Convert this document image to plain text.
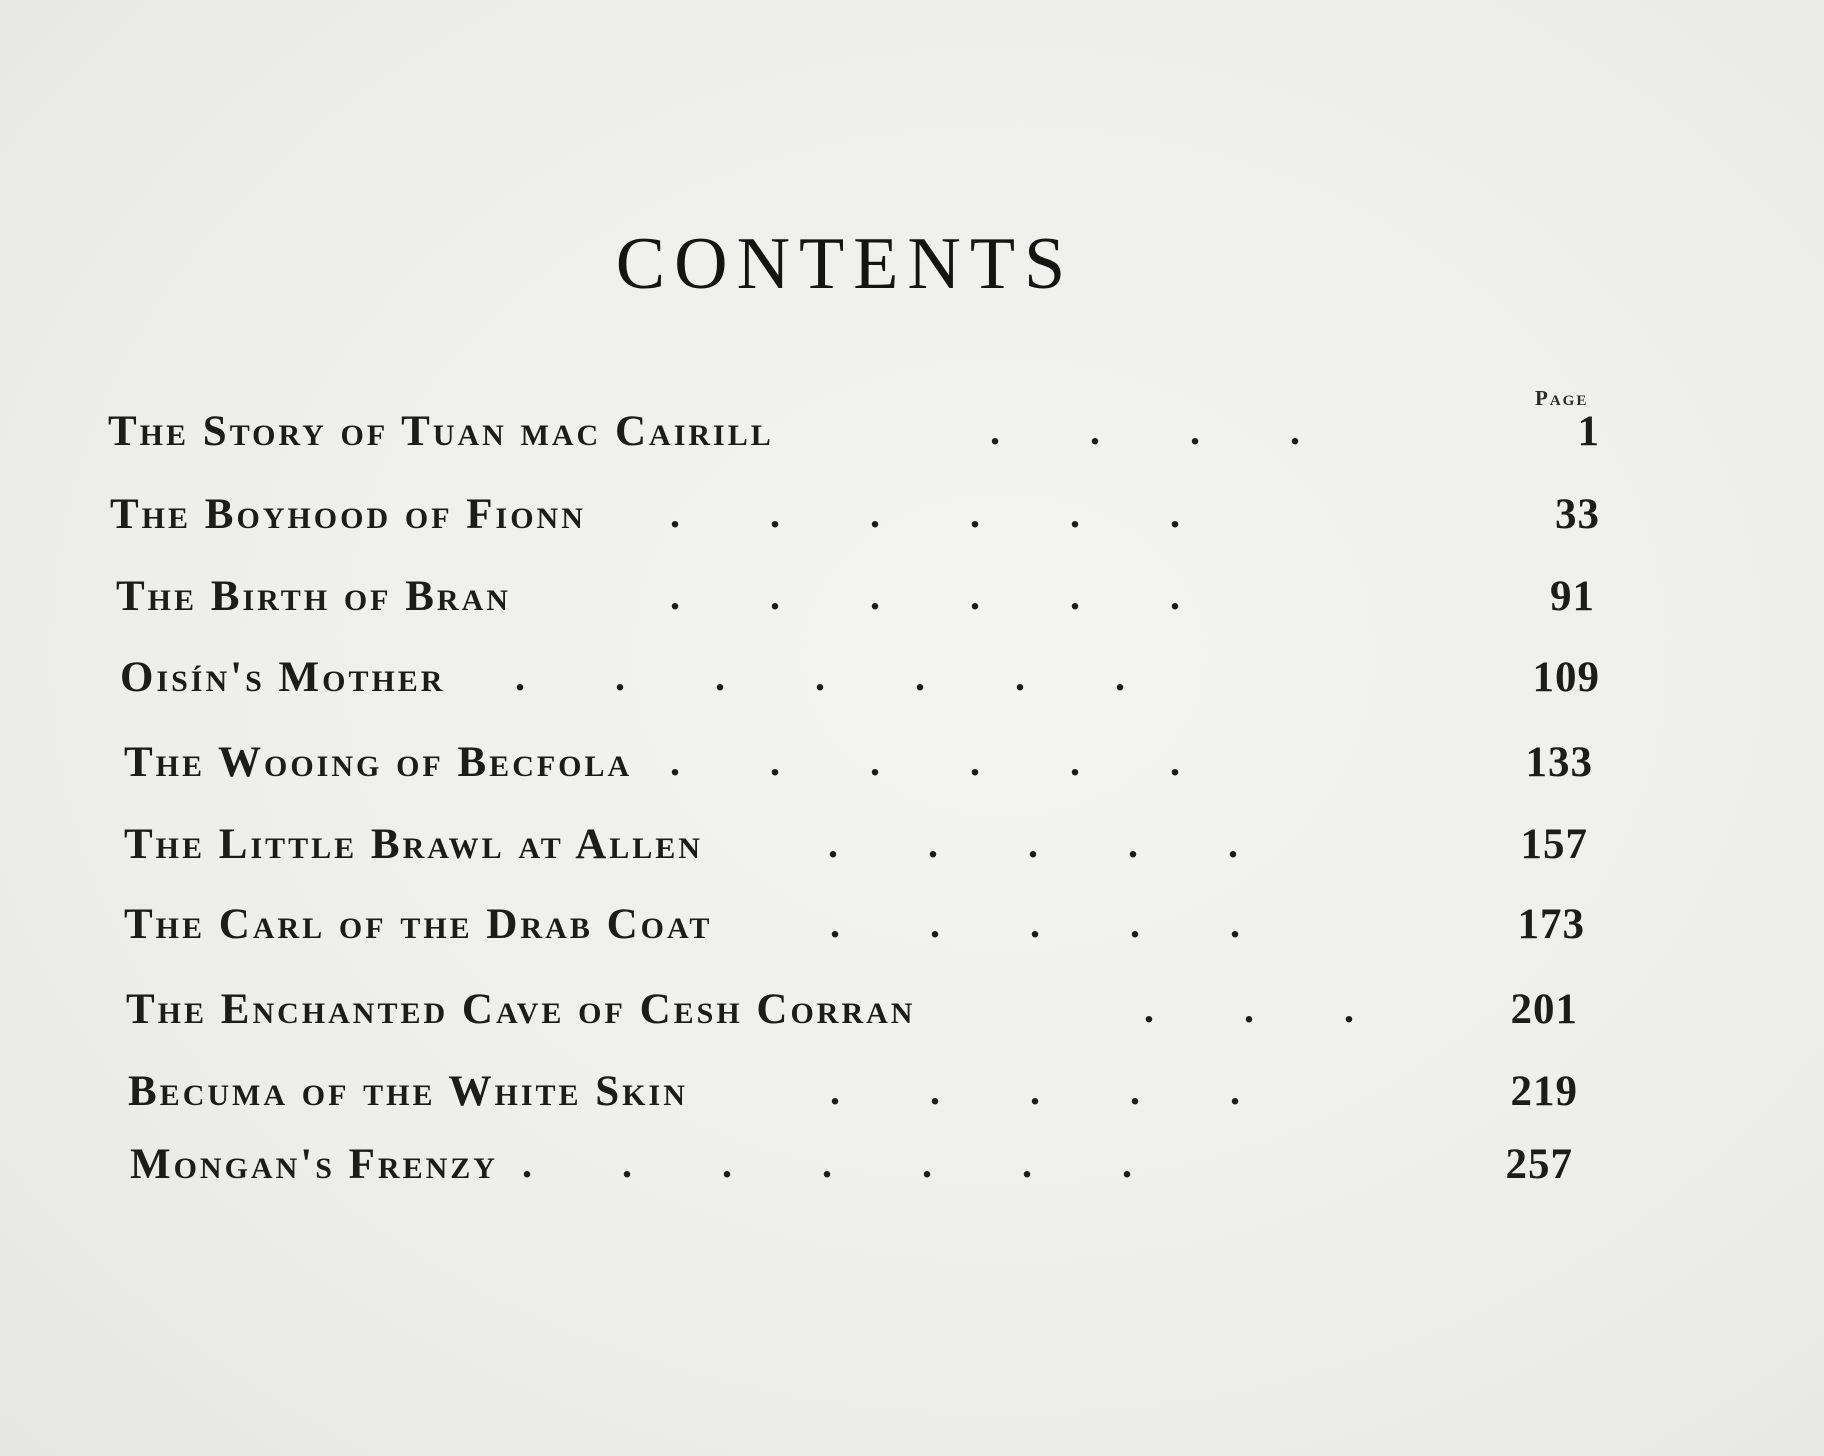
CONTENTS
Page
The Story of Tuan mac Cairill	.         .         .         .	1
The Boyhood of Fionn .         .         .         .         .         .	33
The Birth of Bran	.         .         .         .         .         .	91
Oisín's Mother .         .         .         .         .         .         .	109
The Wooing of Becfola .         .         .         .         .         .	133
The Little Brawl at Allen	.         .         .         .         .	157
The Carl of the Drab Coat	.         .         .         .         .	173
The Enchanted Cave of Cesh Corran	.         .         .	201
Becuma of the White Skin	.         .         .         .         .	219
Mongan's Frenzy .         .         .         .         .         .         .	257
